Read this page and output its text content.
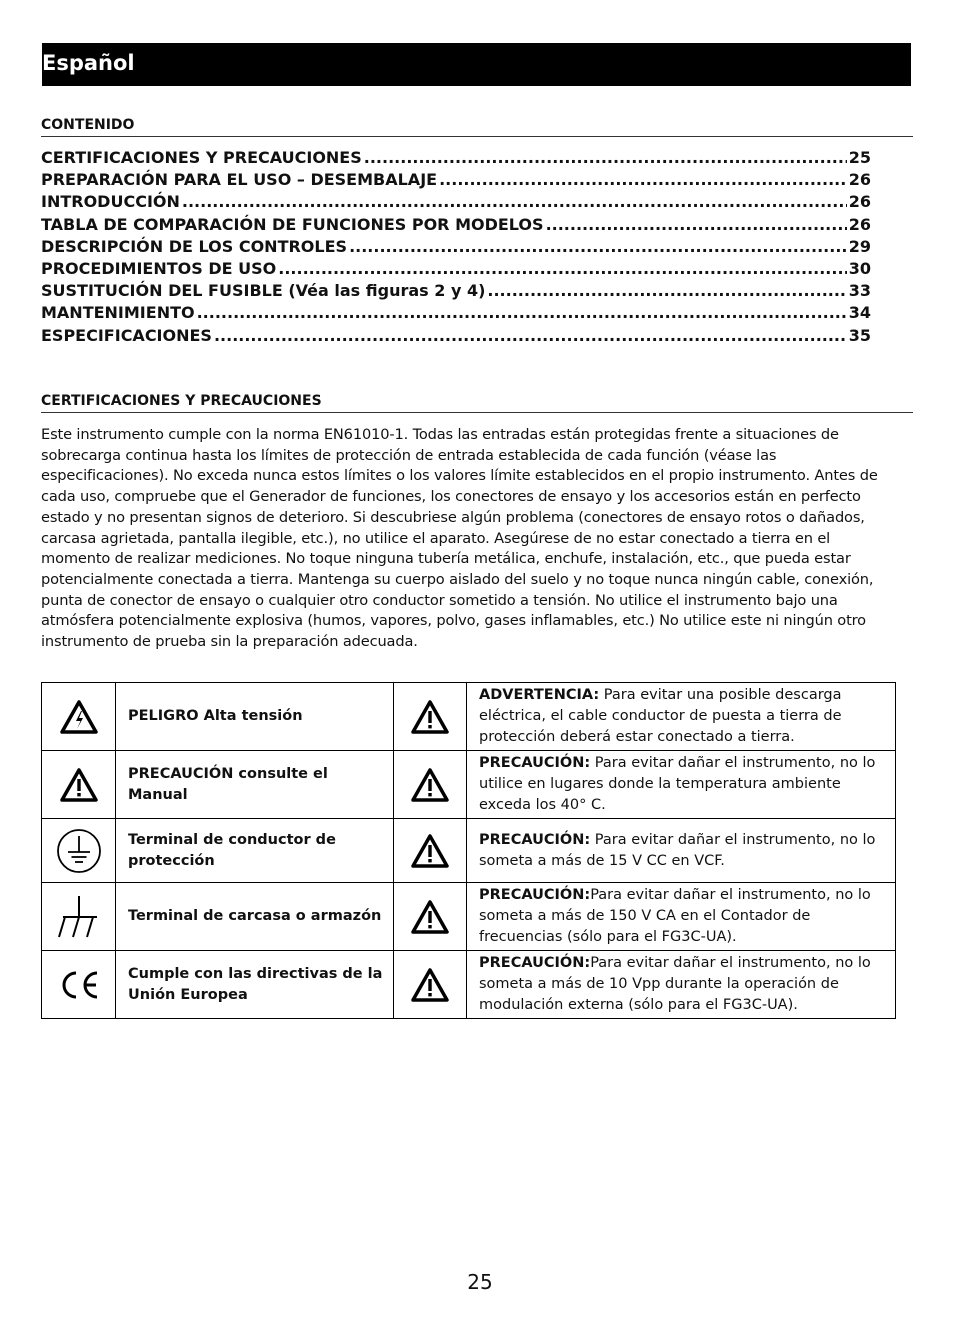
Español
CONTENIDO
CERTIFICACIONES Y PRECAUCIONES .....	25
PREPARACIÓN PARA EL USO – DESEMBALAJE .....	26
INTRODUCCIÓN .....	26
TABLA DE COMPARACIÓN DE FUNCIONES POR MODELOS .....	26
DESCRIPCIÓN DE LOS CONTROLES .....	29
PROCEDIMIENTOS DE USO .....	30
SUSTITUCIÓN DEL FUSIBLE (Véa las figuras 2 y 4) .....	33
MANTENIMIENTO .....	34
ESPECIFICACIONES .....	35
CERTIFICACIONES Y PRECAUCIONES
Este instrumento cumple con la norma EN61010-1. Todas las entradas están protegidas frente a situaciones de sobrecarga continua hasta los límites de protección de entrada establecida de cada función (véase las especificaciones). No exceda nunca estos límites o los valores límite establecidos en el propio instrumento. Antes de cada uso, compruebe que el Generador de funciones, los conectores de ensayo y los accesorios están en perfecto estado y no presentan signos de deterioro. Si descubriese algún problema (conectores de ensayo rotos o dañados, carcasa agrietada, pantalla ilegible, etc.), no utilice el aparato. Asegúrese de no estar conectado a tierra en el momento de realizar mediciones. No toque ninguna tubería metálica, enchufe, instalación, etc., que pueda estar potencialmente conectada a tierra. Mantenga su cuerpo aislado del suelo y no toque nunca ningún cable, conexión, punta de conector de ensayo o cualquier otro conductor sometido a tensión. No utilice el instrumento bajo una atmósfera potencialmente explosiva (humos, vapores, polvo, gases inflamables, etc.) No utilice este ni ningún otro instrumento de prueba sin la preparación adecuada.
	PELIGRO Alta tensión		ADVERTENCIA: Para evitar una posible descarga eléctrica, el cable conductor de puesta a tierra de protección deberá estar conectado a tierra.

	PRECAUCIÓN consulte el Manual		PRECAUCIÓN: Para evitar dañar el instrumento, no lo utilice en lugares donde la temperatura ambiente exceda los 40° C.

	Terminal de conductor de protección		PRECAUCIÓN: Para evitar dañar el instrumento, no lo someta a más de 15 V CC en VCF.

	Terminal de carcasa o armazón		PRECAUCIÓN:Para evitar dañar el instrumento, no lo someta a más de 150 V CA en el Contador de frecuencias (sólo para el FG3C-UA).

	Cumple con las directivas de la Unión Europea		PRECAUCIÓN:Para evitar dañar el instrumento, no lo someta a más de 10 Vpp durante la operación de modulación externa (sólo para el FG3C-UA).
25
